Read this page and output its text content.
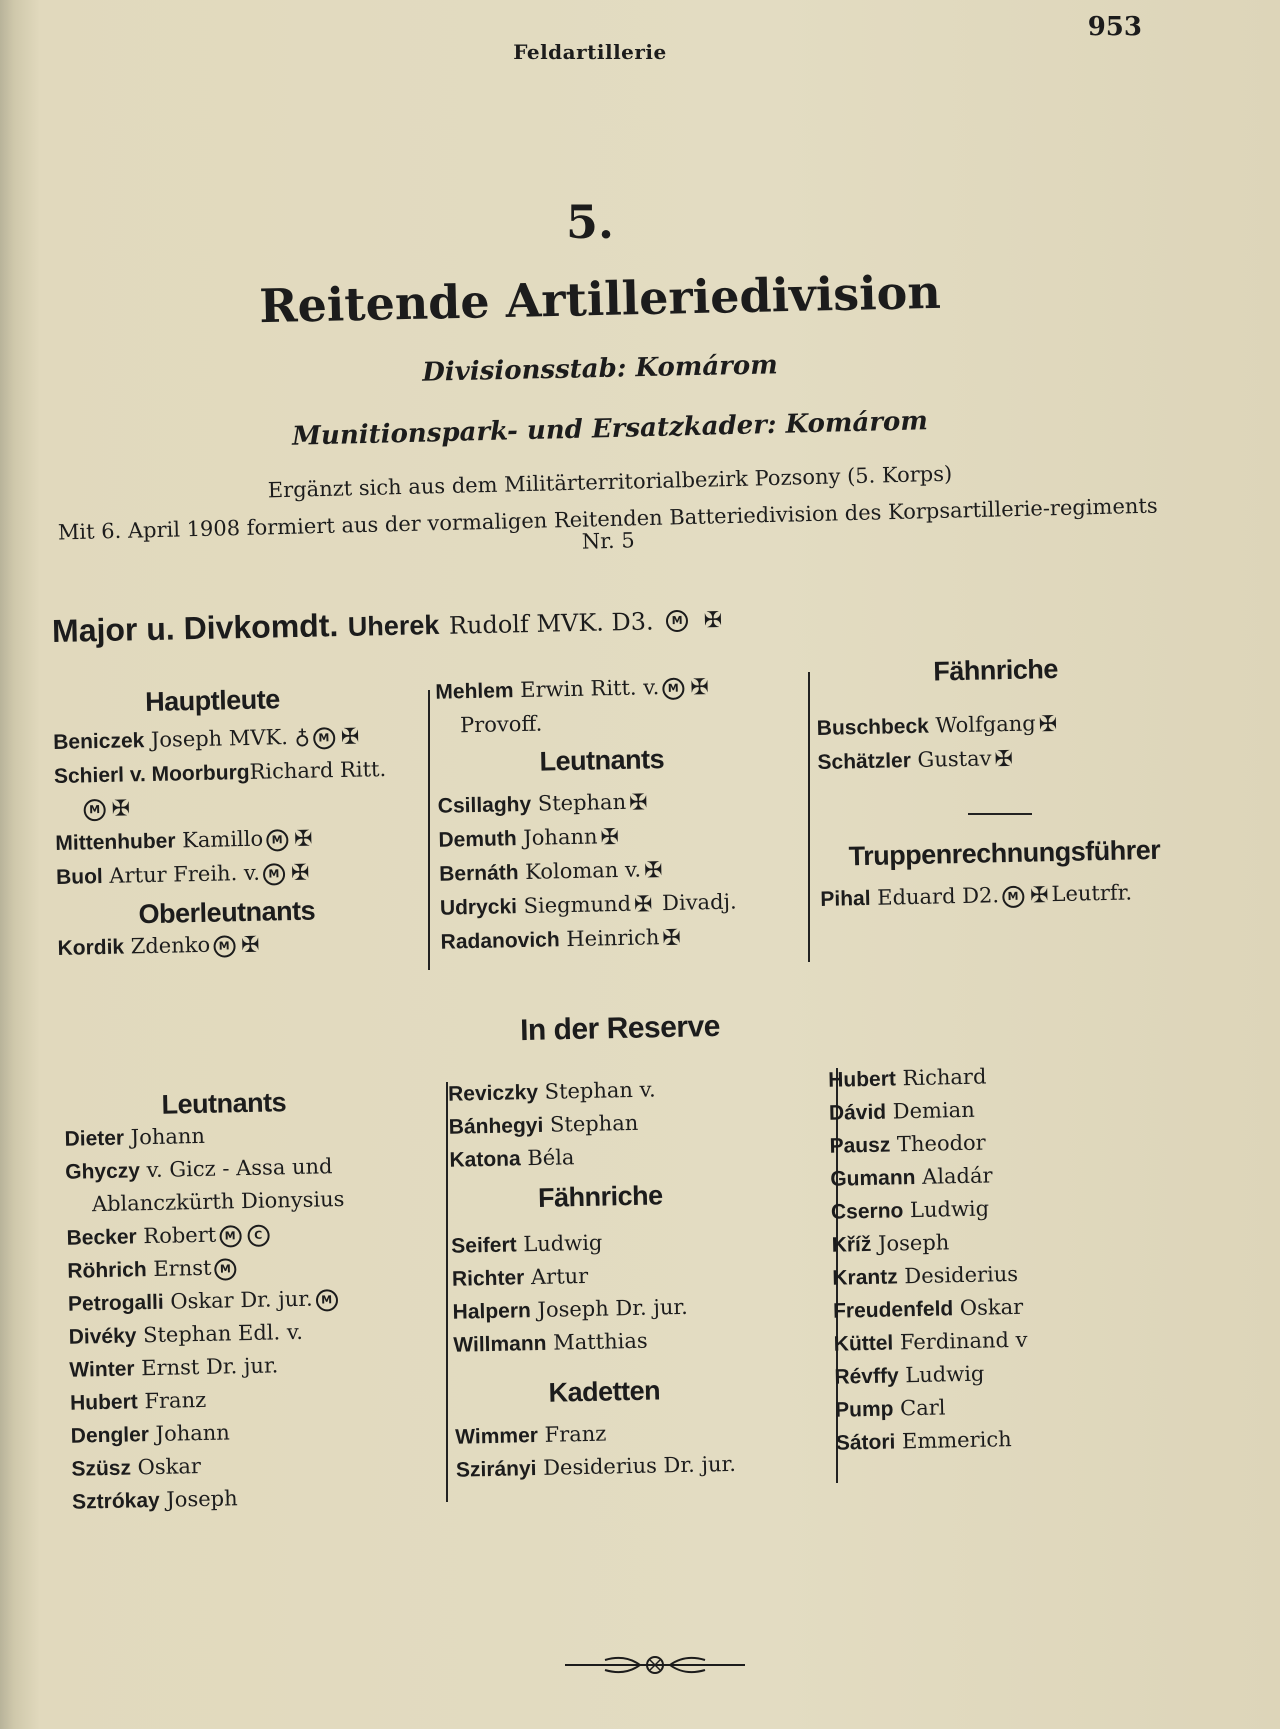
Feldartillerie
953
5.
Reitende Artilleriedivision
Divisionsstab: Komárom
Munitionspark- und Ersatzkader: Komárom
Ergänzt sich aus dem Militärterritorialbezirk Pozsony (5. Korps)
Mit 6. April 1908 formiert aus der vormaligen Reitenden Batteriedivision des Korpsartillerie-regiments Nr. 5
Major u. Divkomdt. Uherek Rudolf MVK. D3. M ✠
Hauptleute
Beniczek Joseph MVK. ♁ M ✠
Schierl v. MoorburgRichard Ritt.
M ✠
Mittenhuber Kamillo M ✠
Buol Artur Freih. v. M ✠
Oberleutnants
Kordik Zdenko M ✠
Mehlem Erwin Ritt. v. M ✠
Provoff.
Leutnants
Csillaghy Stephan ✠
Demuth Johann ✠
Bernáth Koloman v. ✠
Udrycki Siegmund ✠ Divadj.
Radanovich Heinrich ✠
Fähnriche
Buschbeck Wolfgang ✠
Schätzler Gustav ✠
Truppenrechnungsführer
Pihal Eduard D2. M ✠ Leutrfr.
In der Reserve
Leutnants
Dieter Johann
Ghyczy v. Gicz - Assa und
Ablanczkürth Dionysius
Becker Robert M C
Röhrich Ernst M
Petrogalli Oskar Dr. jur. M
Divéky Stephan Edl. v.
Winter Ernst Dr. jur.
Hubert Franz
Dengler Johann
Szüsz Oskar
Sztrókay Joseph
Reviczky Stephan v.
Bánhegyi Stephan
Katona Béla
Fähnriche
Seifert Ludwig
Richter Artur
Halpern Joseph Dr. jur.
Willmann Matthias
Kadetten
Wimmer Franz
Szirányi Desiderius Dr. jur.
Hubert Richard
Dávid Demian
Pausz Theodor
Gumann Aladár
Cserno Ludwig
Kříž Joseph
Krantz Desiderius
Freudenfeld Oskar
Küttel Ferdinand v
Révffy Ludwig
Pump Carl
Sátori Emmerich
